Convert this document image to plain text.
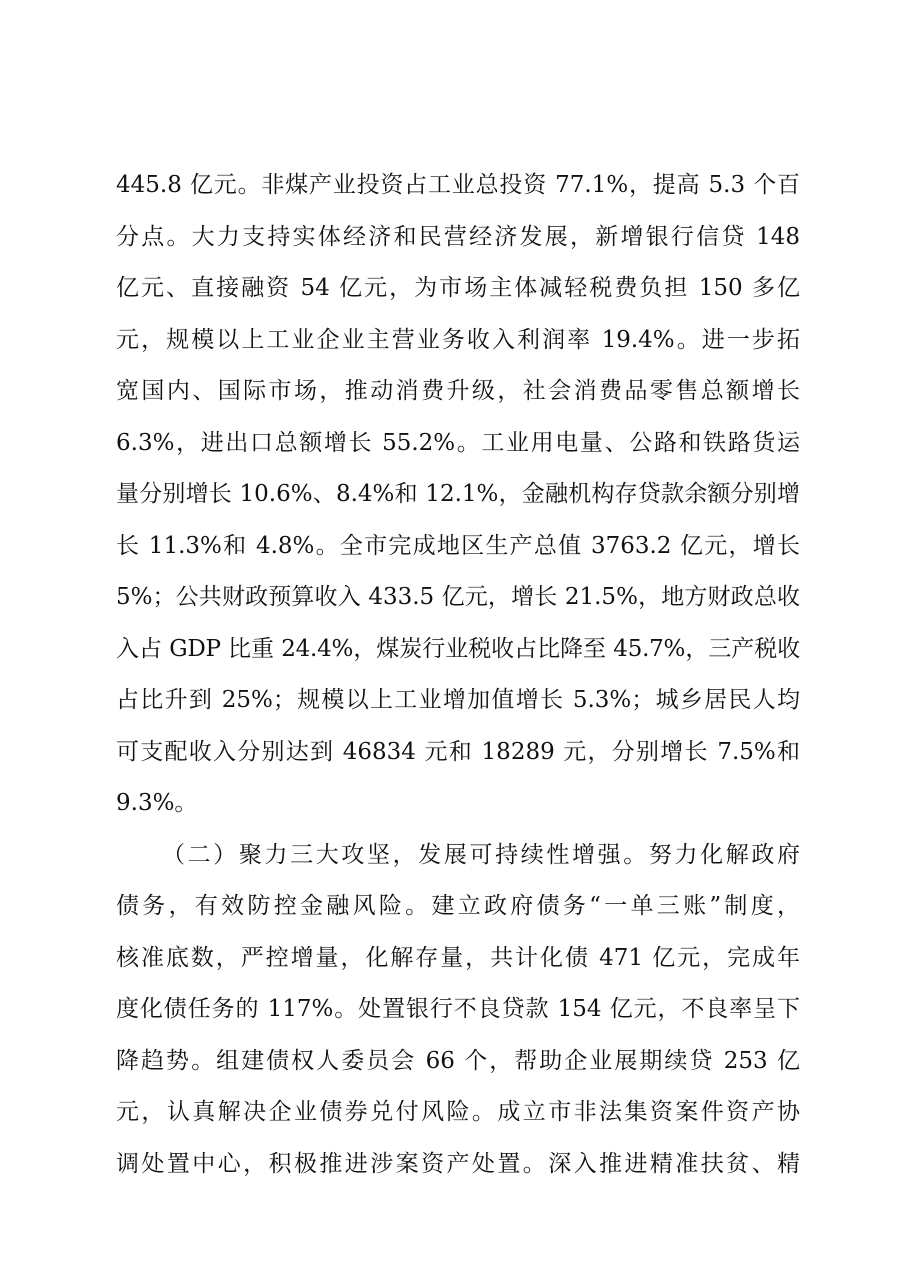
445.8 亿元。非煤产业投资占工业总投资 77.1%，提高 5.3 个百
分点。大力支持实体经济和民营经济发展，新增银行信贷 148
亿元、直接融资 54 亿元，为市场主体减轻税费负担 150 多亿
元，规模以上工业企业主营业务收入利润率 19.4%。进一步拓
宽国内、国际市场，推动消费升级，社会消费品零售总额增长
6.3%，进出口总额增长 55.2%。工业用电量、公路和铁路货运
量分别增长 10.6%、8.4%和 12.1%，金融机构存贷款余额分别增
长 11.3%和 4.8%。全市完成地区生产总值 3763.2 亿元，增长
5%；公共财政预算收入 433.5 亿元，增长 21.5%，地方财政总收
入占 GDP 比重 24.4%，煤炭行业税收占比降至 45.7%，三产税收
占比升到 25%；规模以上工业增加值增长 5.3%；城乡居民人均
可支配收入分别达到 46834 元和 18289 元，分别增长 7.5%和
9.3%。
（二）聚力三大攻坚，发展可持续性增强。努力化解政府
债务，有效防控金融风险。建立政府债务“一单三账”制度，
核准底数，严控增量，化解存量，共计化债 471 亿元，完成年
度化债任务的 117%。处置银行不良贷款 154 亿元，不良率呈下
降趋势。组建债权人委员会 66 个，帮助企业展期续贷 253 亿
元，认真解决企业债券兑付风险。成立市非法集资案件资产协
调处置中心，积极推进涉案资产处置。深入推进精准扶贫、精
